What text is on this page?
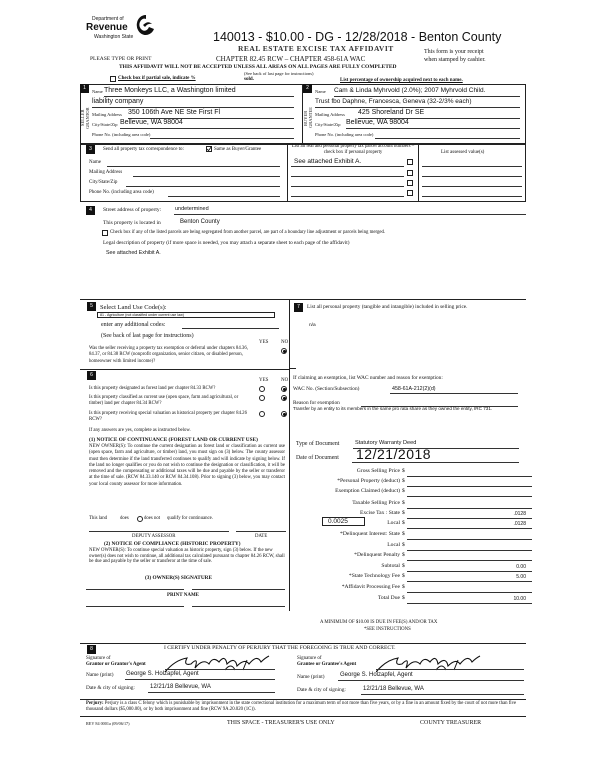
Department of
Revenue
Washington State	140013 - $10.00 - DG - 12/28/2018 - Benton County
REAL ESTATE EXCISE TAX AFFIDAVIT
PLEASE TYPE OR PRINT	CHAPTER 82.45 RCW – CHAPTER 458-61A WAC
This form is your receipt
when stamped by cashier.
THIS AFFIDAVIT WILL NOT BE ACCEPTED UNLESS ALL AREAS ON ALL PAGES ARE FULLY COMPLETED
(See back of last page for instructions)
Check box if partial sale, indicate %	sold.	List percentage of ownership acquired next to each name.
1
SELLER GRANTOR
2
BUYER GRANTEE
Name Three Monkeys LLC, a Washington limited
liability company
Mailing Address 350 106th Ave NE Ste First Fl
City/State/Zip Bellevue, WA 98004
Phone No. (including area code)
Name Cam & Linda Myhrvold (2.0%); 2007 Myhrvold Child.
Trust fbo Daphne, Francesca, Geneva (32-2/3% each)
Mailing Address 425 Shoreland Dr SE
City/State/Zip Bellevue, WA 98004
Phone No. (including area code)
3	Send all property tax correspondence to:	Same as Buyer/Grantee
Name
Mailing Address
City/State/Zip
Phone No. (including area code)
List all real and personal property tax parcel account numbers – check box if personal property
See attached Exhibit A.
List assessed value(s)
4	Street address of property:	undetermined
This property is located in	Benton County
Check box if any of the listed parcels are being segregated from another parcel, are part of a boundary line adjustment or parcels being merged.
Legal description of property (if more space is needed, you may attach a separate sheet to each page of the affidavit)
See attached Exhibit A.
5	Select Land Use Code(s):
81 - Agriculture (not classified under current use law)
enter any additional codes:
(See back of last page for instructions)
YES	NO
Was the seller receiving a property tax exemption or deferral under chapters 84.36, 84.37, or 84.38 RCW (nonprofit organization, senior citizen, or disabled person, homeowner with limited income)?
6
YES	NO
Is this property designated as forest land per chapter 84.33 RCW?
Is this property classified as current use (open space, farm and agricultural, or timber) land per chapter 84.34 RCW?
Is this property receiving special valuation as historical property per chapter 84.26 RCW?
If any answers are yes, complete as instructed below.
(1) NOTICE OF CONTINUANCE (FOREST LAND OR CURRENT USE)
NEW OWNER(S): To continue the current designation as forest land or classification as current use (open space, farm and agriculture, or timber) land, you must sign on (3) below. The county assessor must then determine if the land transferred continues to qualify and will indicate by signing below. If the land no longer qualifies or you do not wish to continue the designation or classification, it will be removed and the compensating or additional taxes will be due and payable by the seller or transferor at the time of sale. (RCW 84.33.140 or RCW 84.34.108). Prior to signing (3) below, you may contact your local county assessor for more information.
This land	does	does not qualify for continuance.
DEPUTY ASSESSOR	DATE
(2) NOTICE OF COMPLIANCE (HISTORIC PROPERTY)
NEW OWNER(S): To continue special valuation as historic property, sign (3) below. If the new owner(s) does not wish to continue, all additional tax calculated pursuant to chapter 84.26 RCW, shall be due and payable by the seller or transferor at the time of sale.
(3) OWNER(S) SIGNATURE
PRINT NAME
7	List all personal property (tangible and intangible) included in selling price.
n/a
If claiming an exemption, list WAC number and reason for exemption:
WAC No. (Section/Subsection)	458-61A-212(2)(d)
Reason for exemption
Transfer by an entity to its members in the same pro rata share as they owned the entity, IRC 731.
Type of Document	Statutory Warranty Deed
Date of Document 12/21/2018
Gross Selling Price $
*Personal Property (deduct) $
Exemption Claimed (deduct) $
Taxable Selling Price $
Excise Tax : State $	.0128
Local $	.0128
*Delinquent Interest: State $
Local $
*Delinquent Penalty $
Subtotal $	0.00
*State Technology Fee $	5.00
*Affidavit Processing Fee $
Total Due $	10.00
0.0025
A MINIMUM OF $10.00 IS DUE IN FEE(S) AND/OR TAX
*SEE INSTRUCTIONS
8	I CERTIFY UNDER PENALTY OF PERJURY THAT THE FOREGOING IS TRUE AND CORRECT.
Signature of
Grantor or Grantor's Agent
Name (print) George S. Holzapfel, Agent
Date & city of signing:	12/21/18 Bellevue, WA
Signature of
Grantee or Grantee's Agent
Name (print)	George S. Holzapfel, Agent
Date & city of signing:	12/21/18 Bellevue, WA
Perjury: Perjury is a class C felony which is punishable by imprisonment in the state correctional institution for a maximum term of not more than five years, or by a fine in an amount fixed by the court of not more than five thousand dollars ($5,000.00), or by both imprisonment and fine (RCW 9A.20.020 (1C)).
REV 84 0001a (09/06/17)	THIS SPACE - TREASURER'S USE ONLY	COUNTY TREASURER
